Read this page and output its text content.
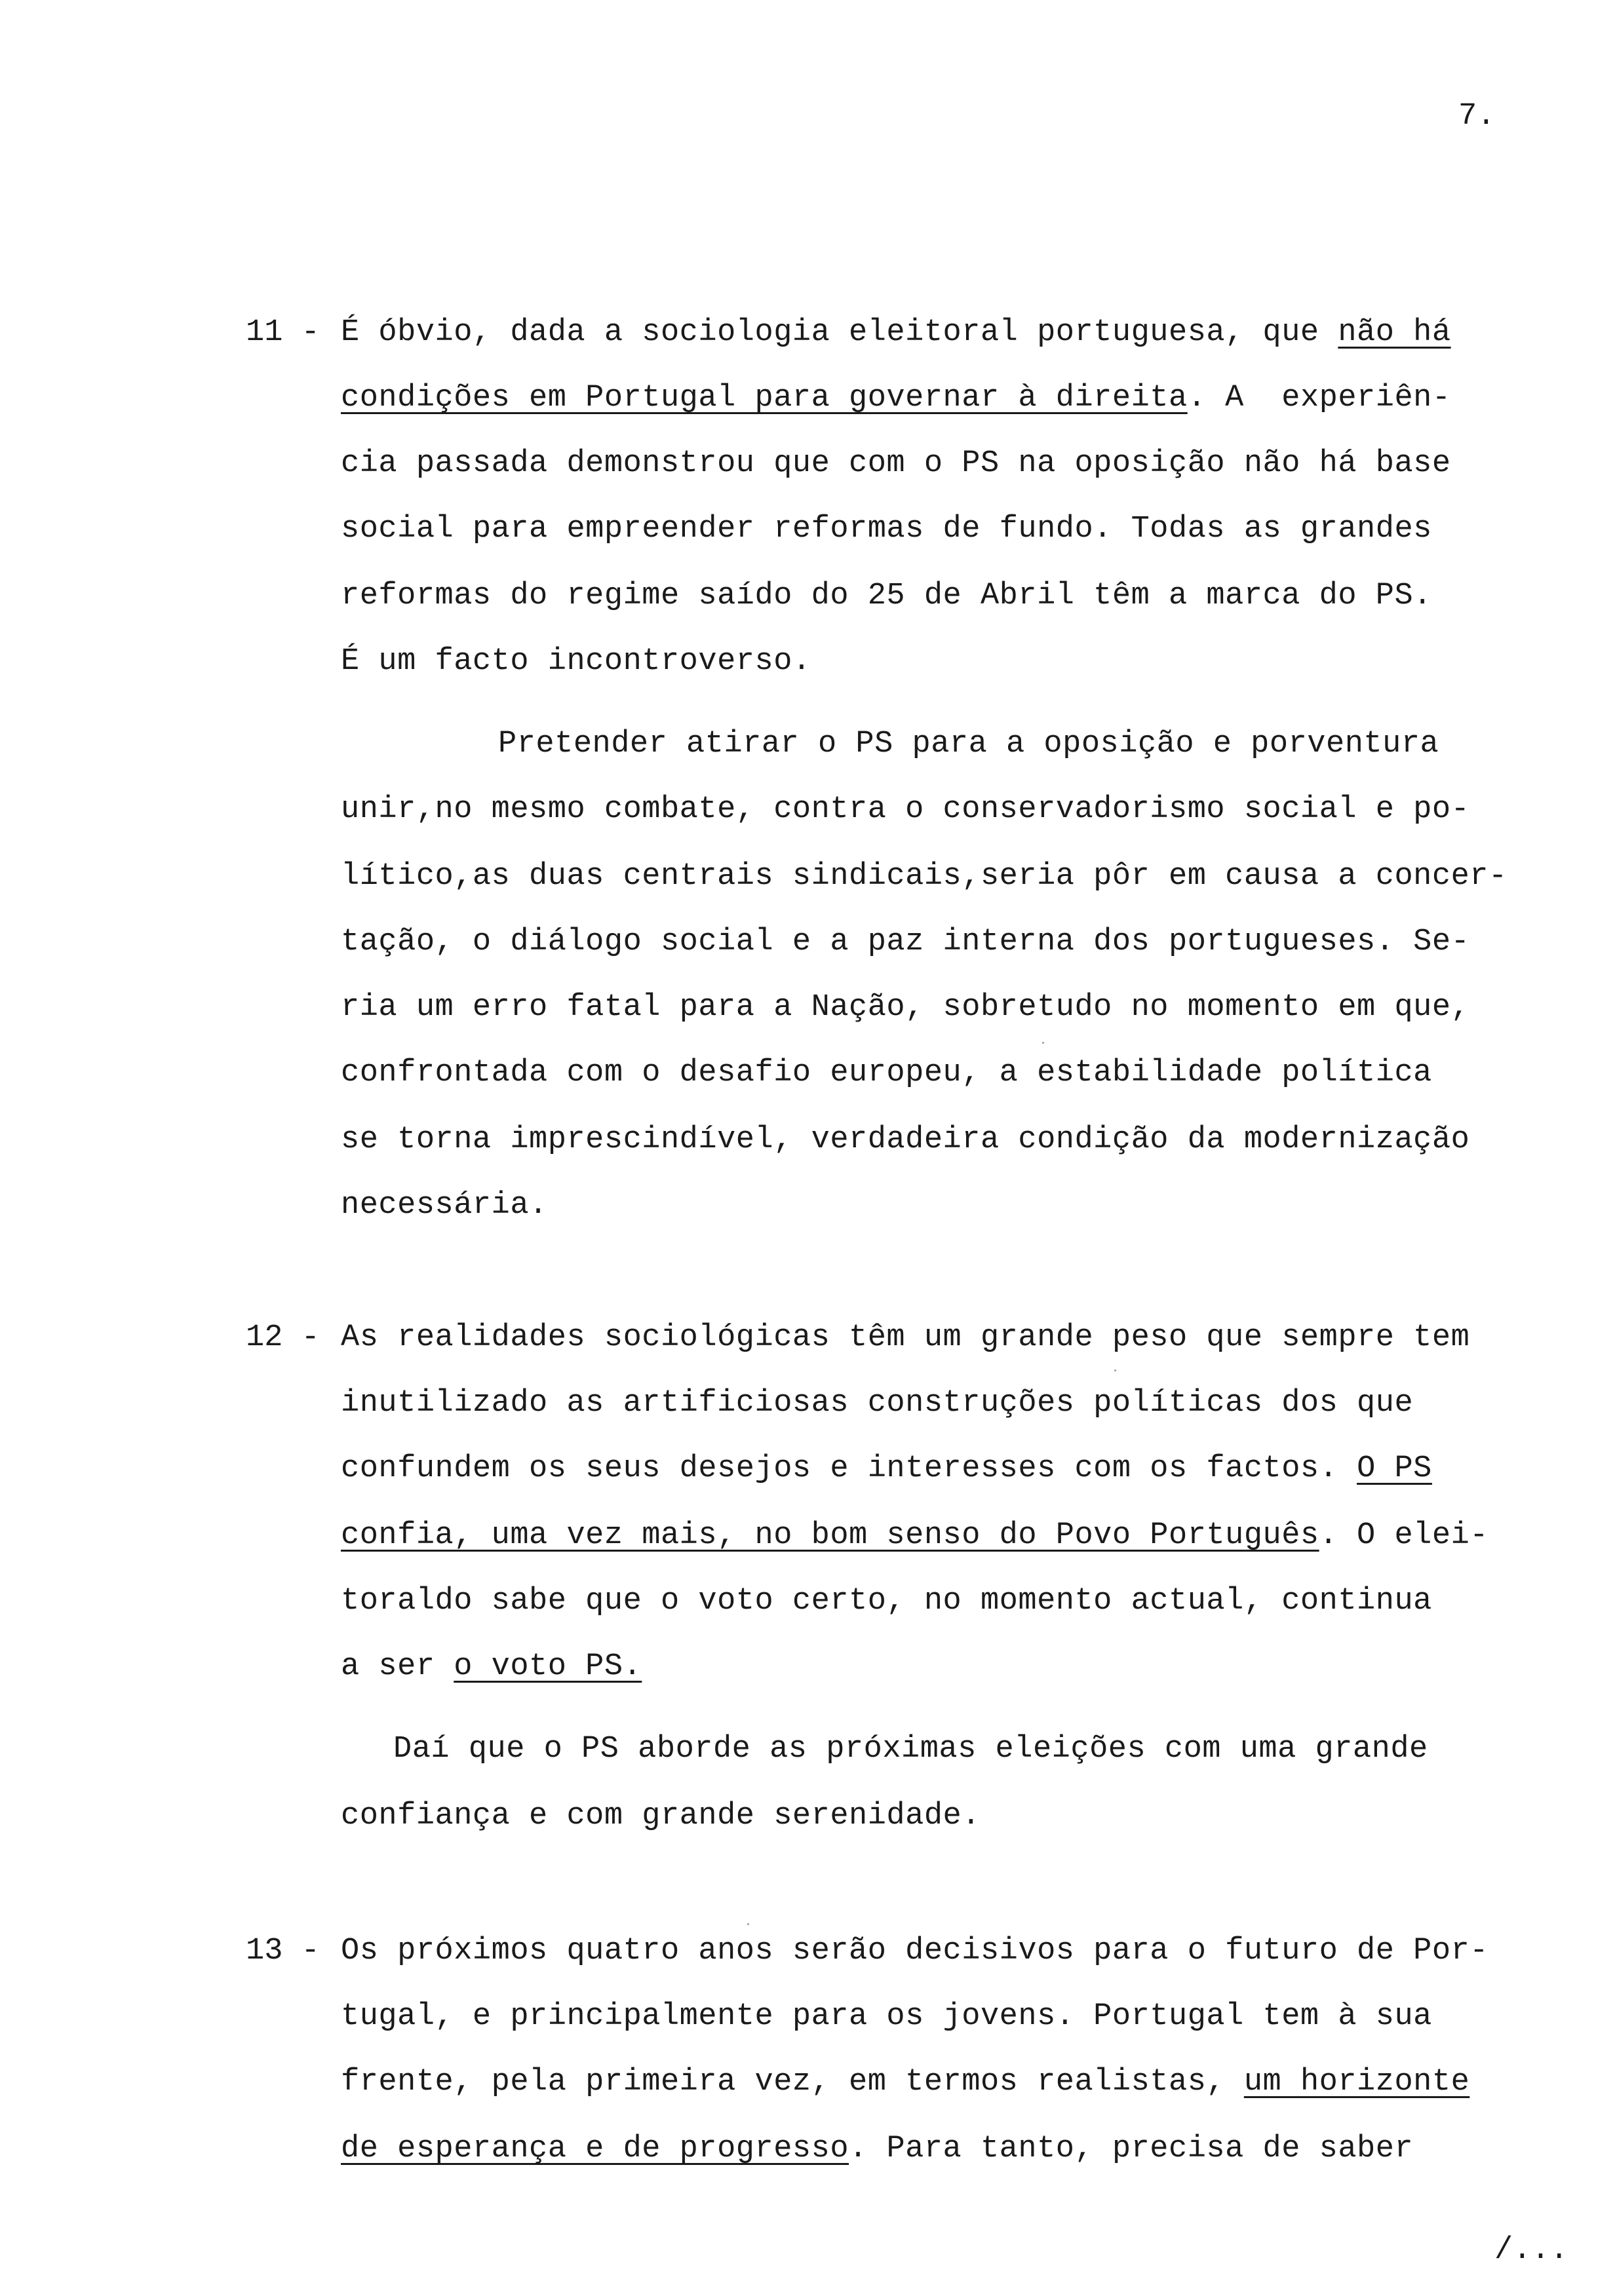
7.
11 - É óbvio, dada a sociologia eleitoral portuguesa, que não há
condições em Portugal para governar à direita. A  experiên-
cia passada demonstrou que com o PS na oposição não há base
social para empreender reformas de fundo. Todas as grandes
reformas do regime saído do 25 de Abril têm a marca do PS.
É um facto incontroverso.
Pretender atirar o PS para a oposição e porventura
unir,no mesmo combate, contra o conservadorismo social e po-
lítico,as duas centrais sindicais,seria pôr em causa a concer-
tação, o diálogo social e a paz interna dos portugueses. Se-
ria um erro fatal para a Nação, sobretudo no momento em que,
confrontada com o desafio europeu, a estabilidade política
se torna imprescindível, verdadeira condição da modernização
necessária.
12 - As realidades sociológicas têm um grande peso que sempre tem
inutilizado as artificiosas construções políticas dos que
confundem os seus desejos e interesses com os factos. O PS
confia, uma vez mais, no bom senso do Povo Português. O elei-
toraldo sabe que o voto certo, no momento actual, continua
a ser o voto PS.
Daí que o PS aborde as próximas eleições com uma grande
confiança e com grande serenidade.
13 - Os próximos quatro anos serão decisivos para o futuro de Por-
tugal, e principalmente para os jovens. Portugal tem à sua
frente, pela primeira vez, em termos realistas, um horizonte
de esperança e de progresso. Para tanto, precisa de saber
/...
